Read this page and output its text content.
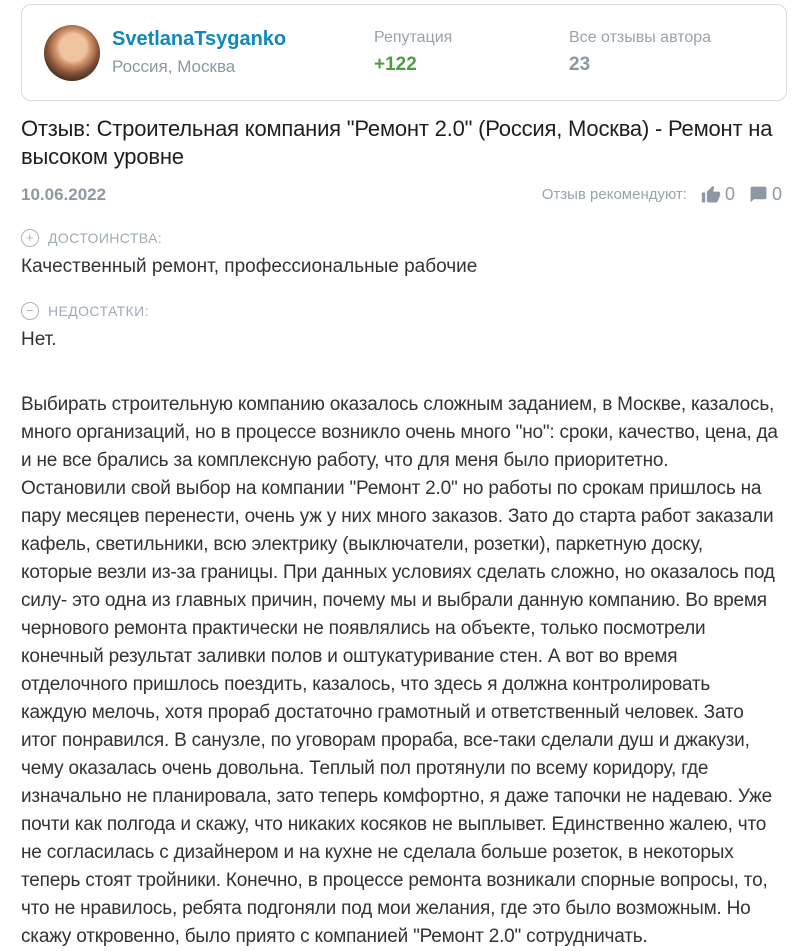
SvetlanaTsyganko
Россия, Москва
Репутация
+122
Все отзывы автора
23
Отзыв: Строительная компания "Ремонт 2.0" (Россия, Москва) - Ремонт на высоком уровне
10.06.2022	Отзыв рекомендуют: 0 0
+	ДОСТОИНСТВА:
Качественный ремонт, профессиональные рабочие
−	НЕДОСТАТКИ:
Нет.
Выбирать строительную компанию оказалось сложным заданием, в Москве, казалось, много организаций, но в процессе возникло очень много "но": сроки, качество, цена, да и не все брались за комплексную работу, что для меня было приоритетно. Остановили свой выбор на компании "Ремонт 2.0" но работы по срокам пришлось на пару месяцев перенести, очень уж у них много заказов. Зато до старта работ заказали кафель, светильники, всю электрику (выключатели, розетки), паркетную доску, которые везли из-за границы. При данных условиях сделать сложно, но оказалось под силу- это одна из главных причин, почему мы и выбрали данную компанию. Во время чернового ремонта практически не появлялись на объекте, только посмотрели конечный результат заливки полов и оштукатуривание стен. А вот во время отделочного пришлось поездить, казалось, что здесь я должна контролировать каждую мелочь, хотя прораб достаточно грамотный и ответственный человек. Зато итог понравился. В санузле, по уговорам прораба, все-таки сделали душ и джакузи, чему оказалась очень довольна. Теплый пол протянули по всему коридору, где изначально не планировала, зато теперь комфортно, я даже тапочки не надеваю. Уже почти как полгода и скажу, что никаких косяков не выплывет. Единственно жалею, что не согласилась с дизайнером и на кухне не сделала больше розеток, в некоторых теперь стоят тройники. Конечно, в процессе ремонта возникали спорные вопросы, то, что не нравилось, ребята подгоняли под мои желания, где это было возможным. Но скажу откровенно, было приято с компанией "Ремонт 2.0" сотрудничать.
